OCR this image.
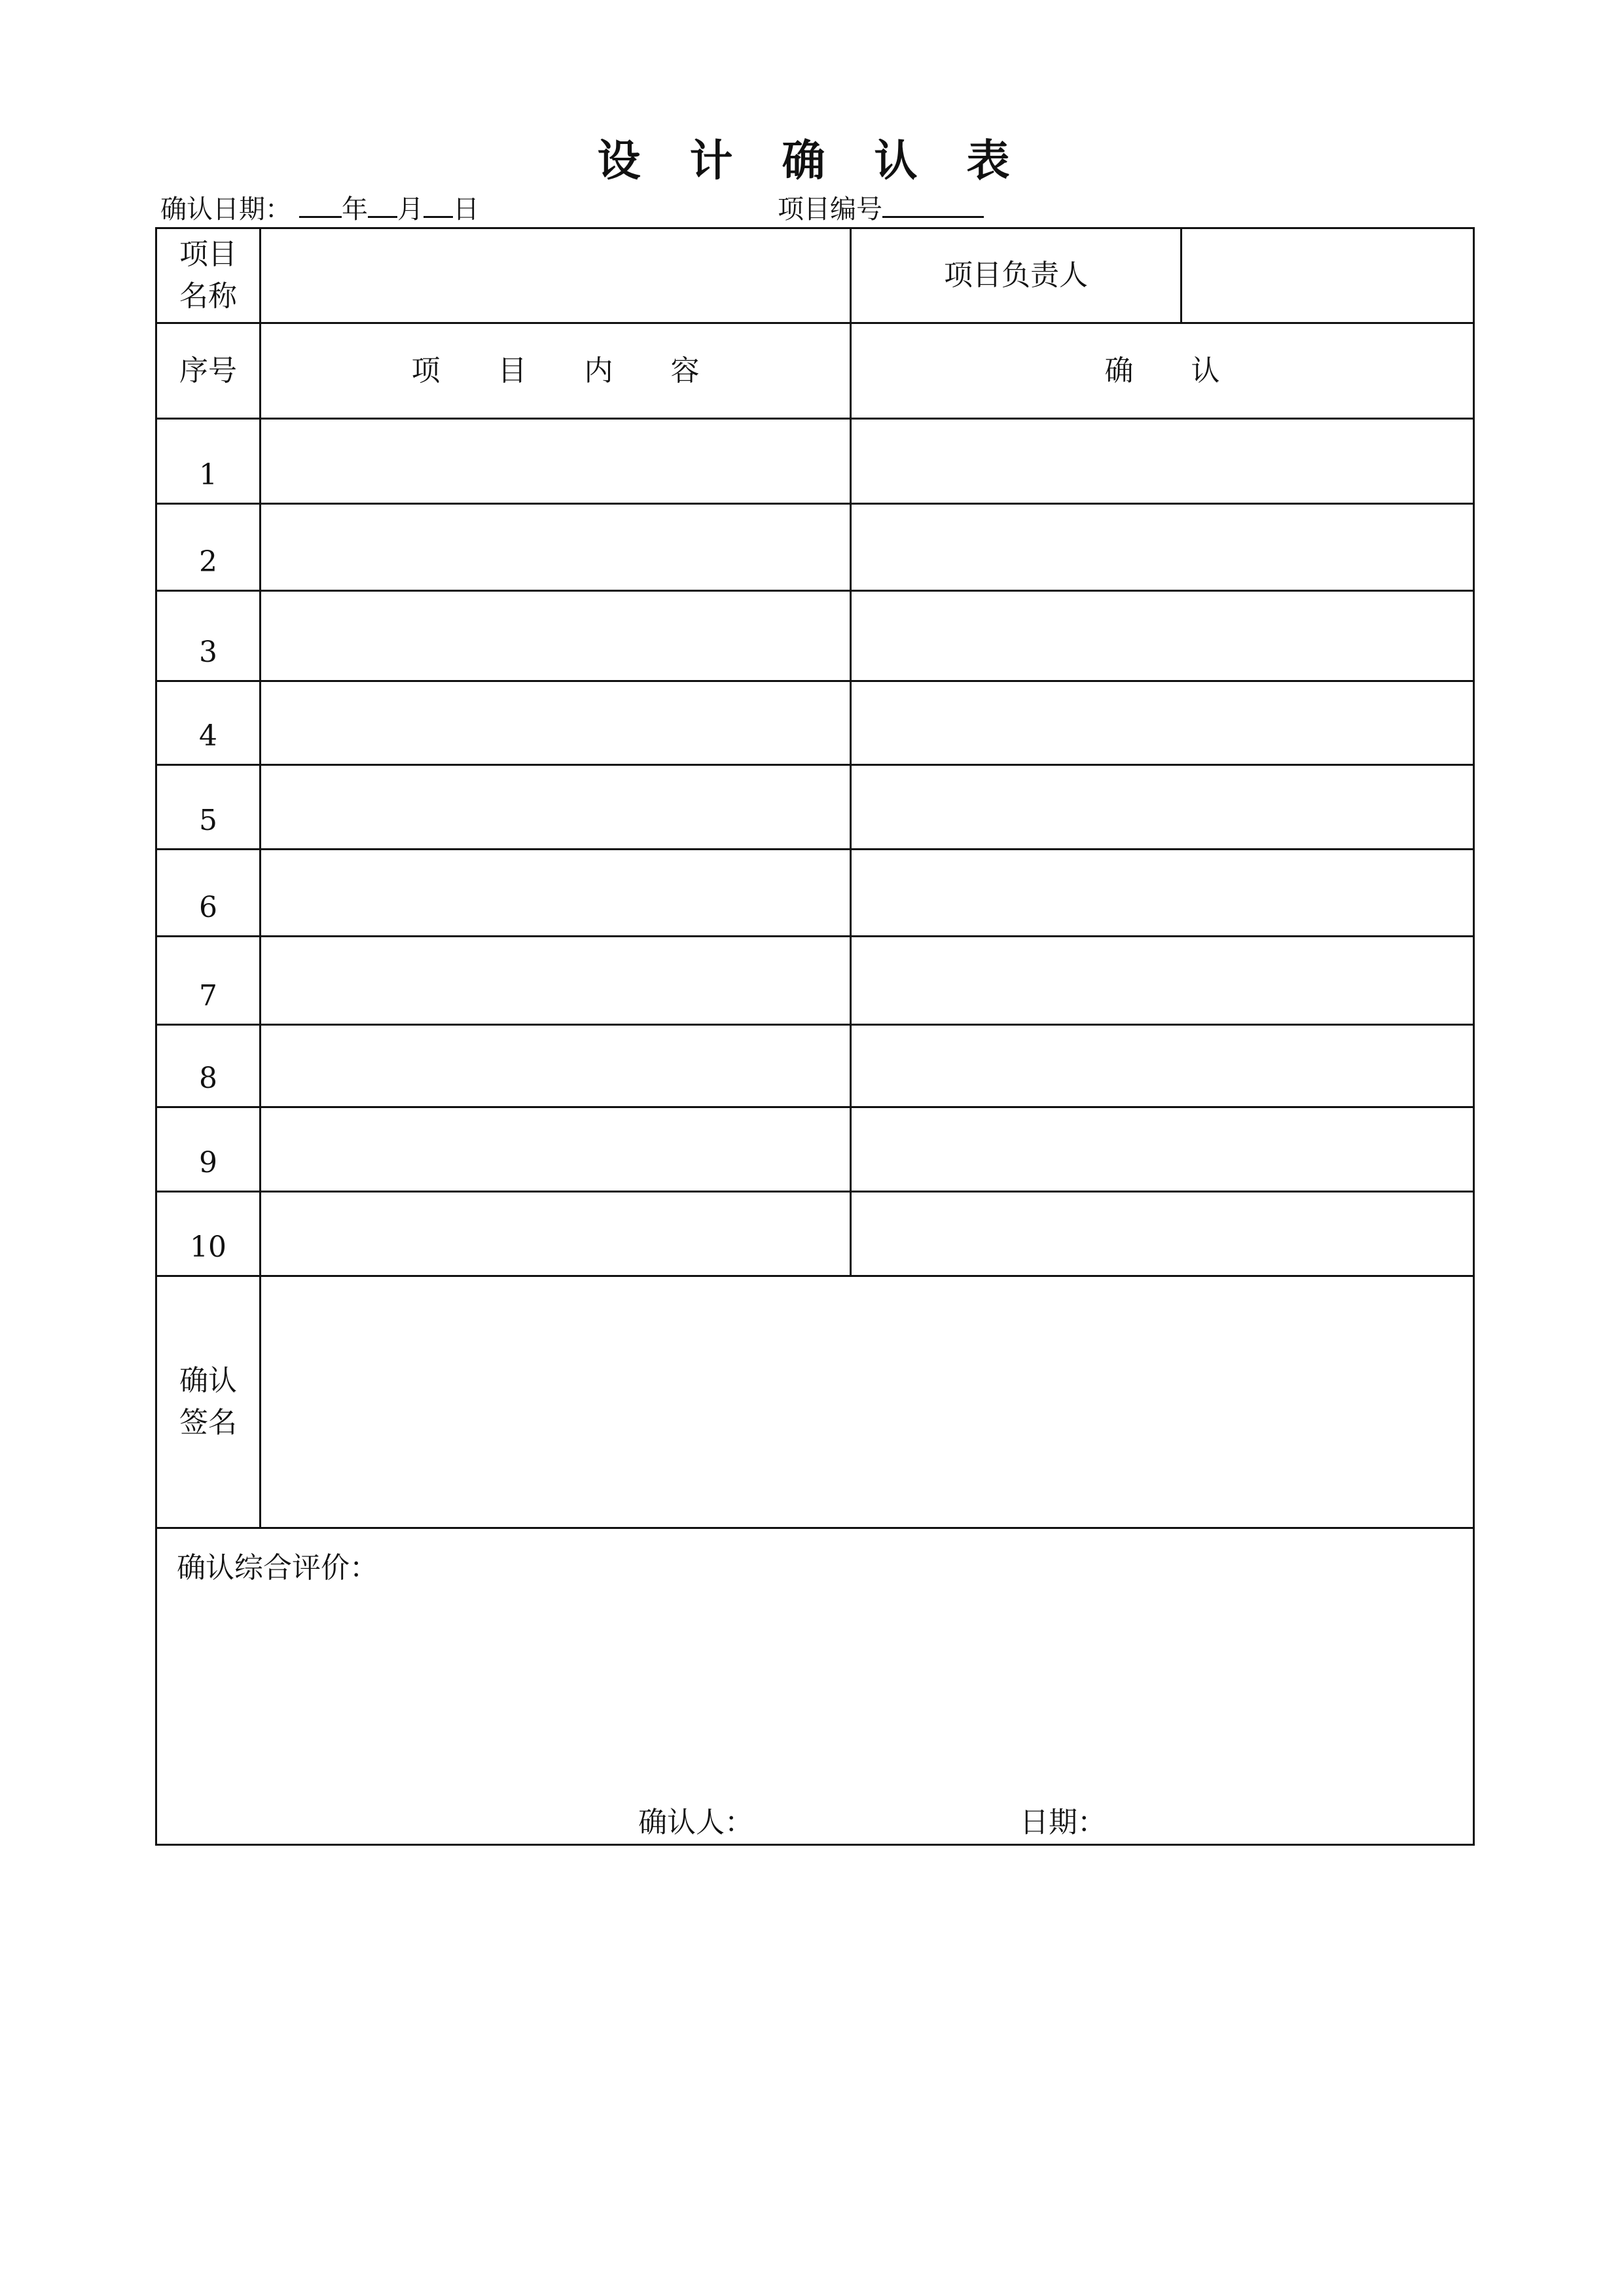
设 计 确 认 表
确认日期： 年 月 日	项目编号
项目名称		项目负责人	
序号	项　　目　　内　　容	确　　认	
1			
2			
3			
4			
5			
6			
7			
8			
9			
10			
确认签名			

确认综合评价：
确认人： 日期：			
